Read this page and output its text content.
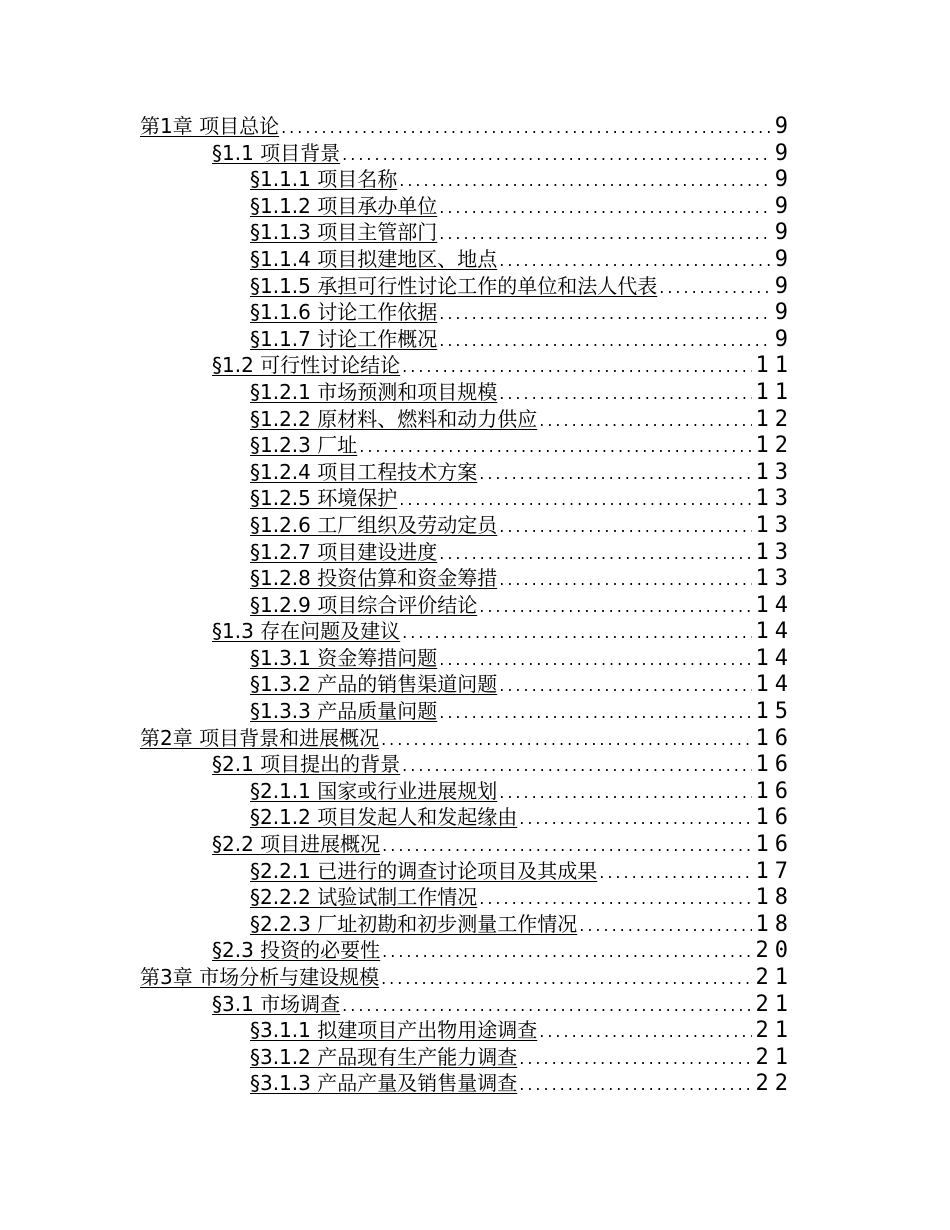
第1章 项目总论 .....	9
§1.1 项目背景 .....	9
§1.1.1 项目名称 .....	9
§1.1.2 项目承办单位 .....	9
§1.1.3 项目主管部门 .....	9
§1.1.4 项目拟建地区、地点 .....	9
§1.1.5 承担可行性讨论工作的单位和法人代表 .....	9
§1.1.6 讨论工作依据 .....	9
§1.1.7 讨论工作概况 .....	9
§1.2 可行性讨论结论 .....	11
§1.2.1 市场预测和项目规模 .....	11
§1.2.2 原材料、燃料和动力供应 .....	12
§1.2.3 厂址 .....	12
§1.2.4 项目工程技术方案 .....	13
§1.2.5 环境保护 .....	13
§1.2.6 工厂组织及劳动定员 .....	13
§1.2.7 项目建设进度 .....	13
§1.2.8 投资估算和资金筹措 .....	13
§1.2.9 项目综合评价结论 .....	14
§1.3 存在问题及建议 .....	14
§1.3.1 资金筹措问题 .....	14
§1.3.2 产品的销售渠道问题 .....	14
§1.3.3 产品质量问题 .....	15
第2章 项目背景和进展概况 .....	16
§2.1 项目提出的背景 .....	16
§2.1.1 国家或行业进展规划 .....	16
§2.1.2 项目发起人和发起缘由 .....	16
§2.2 项目进展概况 .....	16
§2.2.1 已进行的调查讨论项目及其成果 .....	17
§2.2.2 试验试制工作情况 .....	18
§2.2.3 厂址初勘和初步测量工作情况 .....	18
§2.3 投资的必要性 .....	20
第3章 市场分析与建设规模 .....	21
§3.1 市场调查 .....	21
§3.1.1 拟建项目产出物用途调查 .....	21
§3.1.2 产品现有生产能力调查 .....	21
§3.1.3 产品产量及销售量调查 .....	22
